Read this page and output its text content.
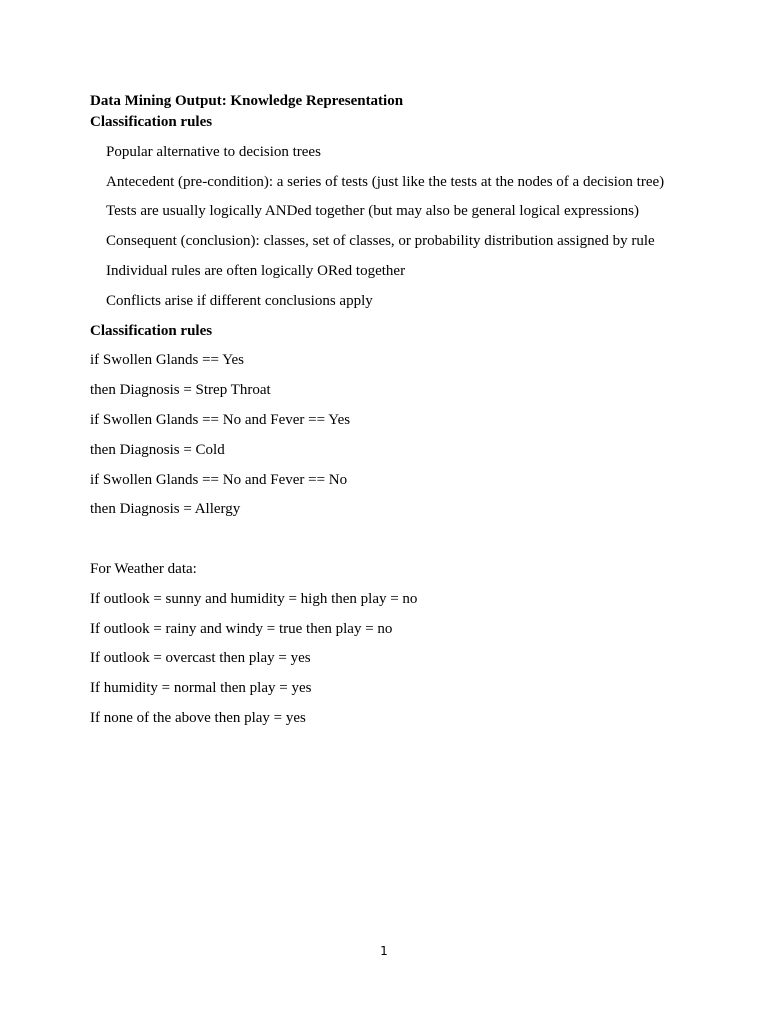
Data Mining Output: Knowledge Representation
Classification rules
Popular alternative to decision trees
Antecedent (pre-condition): a series of tests (just like the tests at the nodes of a decision tree)
Tests are usually logically ANDed together (but may also be general logical expressions)
Consequent (conclusion): classes, set of classes, or probability distribution assigned by rule
Individual rules are often logically ORed together
Conflicts arise if different conclusions apply
Classification rules
if Swollen Glands == Yes
then Diagnosis = Strep Throat
if Swollen Glands == No and Fever == Yes
then Diagnosis = Cold
if Swollen Glands == No and Fever == No
then Diagnosis = Allergy
For Weather data:
If outlook = sunny and humidity = high then play = no
If outlook = rainy and windy = true then play = no
If outlook = overcast then play = yes
If humidity = normal then play = yes
If none of the above then play = yes
1
